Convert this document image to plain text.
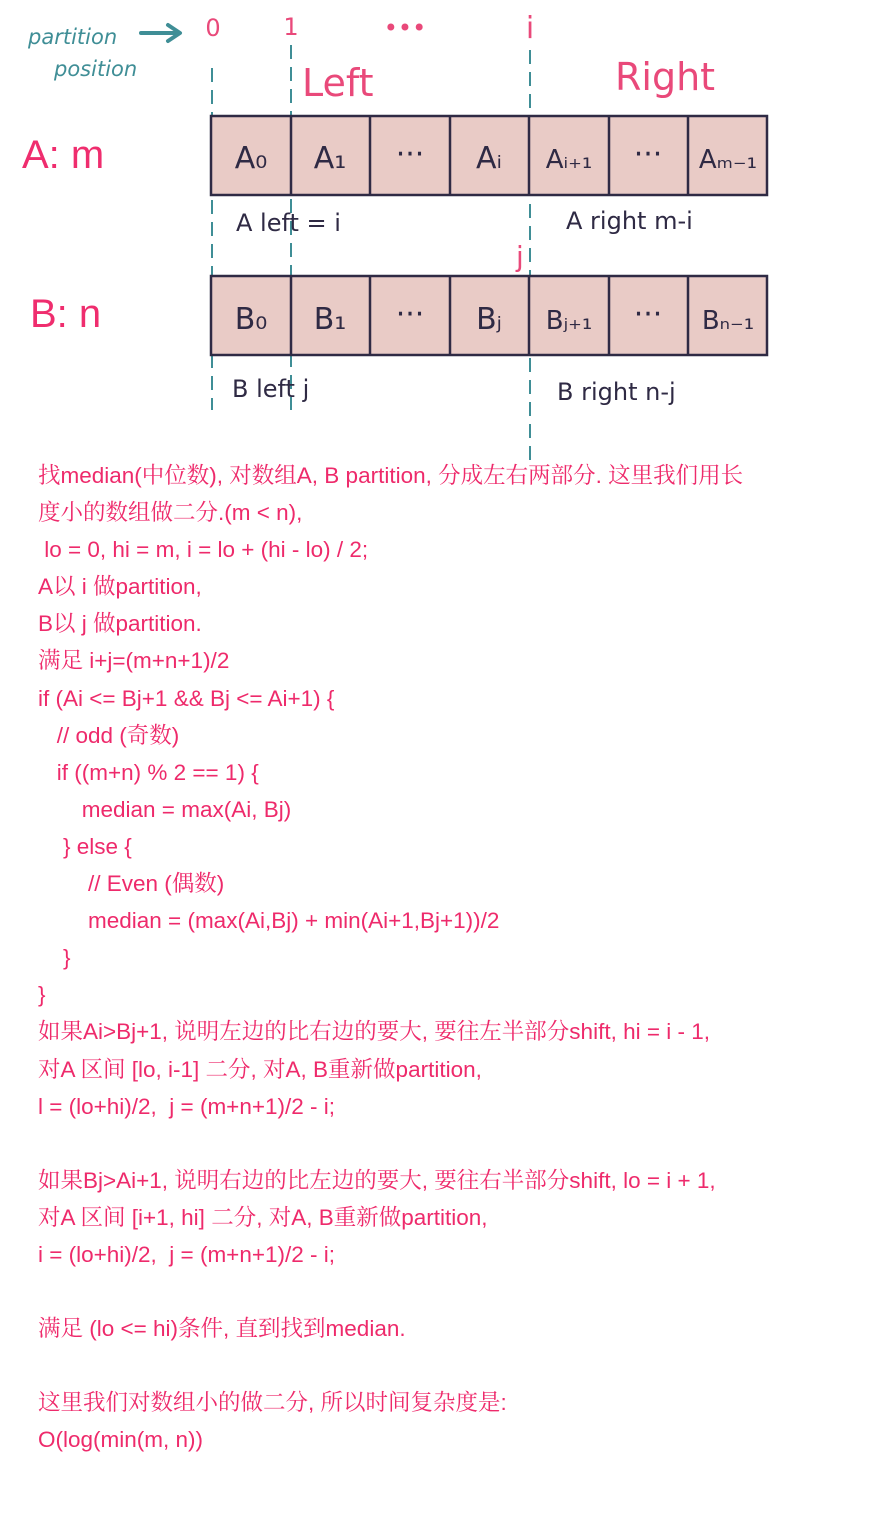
partition
position
0	1	•••	i
Left	Right
A₀ A₁ ··· Aᵢ Aᵢ₊₁ ··· Aₘ₋₁
A left = i	A right m-i
j
B₀ B₁ ··· Bⱼ Bⱼ₊₁ ··· Bₙ₋₁
B left j	B right n-j
A: m
B: n
找median(中位数), 对数组A, B partition, 分成左右两部分. 这里我们用长
度小的数组做二分.(m < n),
lo = 0, hi = m, i = lo + (hi - lo) / 2;
A以 i 做partition,
B以 j 做partition.
满足 i+j=(m+n+1)/2
if (Ai <= Bj+1 && Bj <= Ai+1) {
// odd (奇数)
if ((m+n) % 2 == 1) {
median = max(Ai, Bj)
} else {
// Even (偶数)
median = (max(Ai,Bj) + min(Ai+1,Bj+1))/2
}
}
如果Ai>Bj+1, 说明左边的比右边的要大, 要往左半部分shift, hi = i - 1,
对A 区间 [lo, i-1] 二分, 对A, B重新做partition,
l = (lo+hi)/2,  j = (m+n+1)/2 - i;
如果Bj>Ai+1, 说明右边的比左边的要大, 要往右半部分shift, lo = i + 1,
对A 区间 [i+1, hi] 二分, 对A, B重新做partition,
i = (lo+hi)/2,  j = (m+n+1)/2 - i;
满足 (lo <= hi)条件, 直到找到median.
这里我们对数组小的做二分, 所以时间复杂度是:
O(log(min(m, n))
